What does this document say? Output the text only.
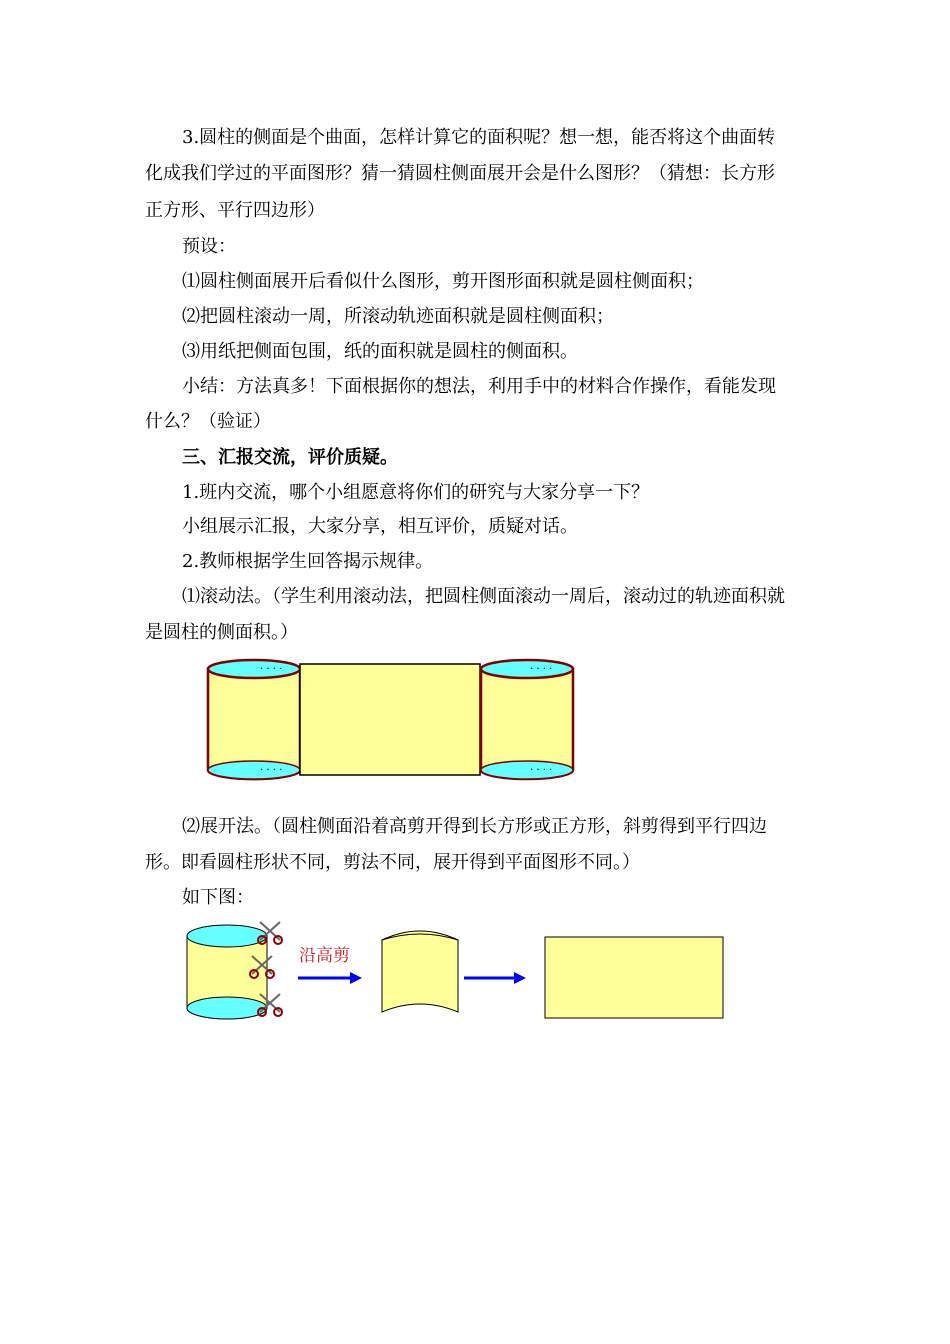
3.圆柱的侧面是个曲面，怎样计算它的面积呢？想一想，能否将这个曲面转
化成我们学过的平面图形？猜一猜圆柱侧面展开会是什么图形？（猜想：长方形
正方形、平行四边形）
预设：
⑴圆柱侧面展开后看似什么图形，剪开图形面积就是圆柱侧面积；
⑵把圆柱滚动一周，所滚动轨迹面积就是圆柱侧面积；
⑶用纸把侧面包围，纸的面积就是圆柱的侧面积。
小结：方法真多！下面根据你的想法，利用手中的材料合作操作，看能发现
什么？（验证）
三、汇报交流，评价质疑。
1.班内交流，哪个小组愿意将你们的研究与大家分享一下？
小组展示汇报，大家分享，相互评价，质疑对话。
2.教师根据学生回答揭示规律。
⑴滚动法。（学生利用滚动法，把圆柱侧面滚动一周后，滚动过的轨迹面积就
是圆柱的侧面积。）
· · · ·
· · · ·
· · · ·
· · · ·
⑵展开法。（圆柱侧面沿着高剪开得到长方形或正方形，斜剪得到平行四边
形。即看圆柱形状不同，剪法不同，展开得到平面图形不同。）
如下图：
沿高剪
